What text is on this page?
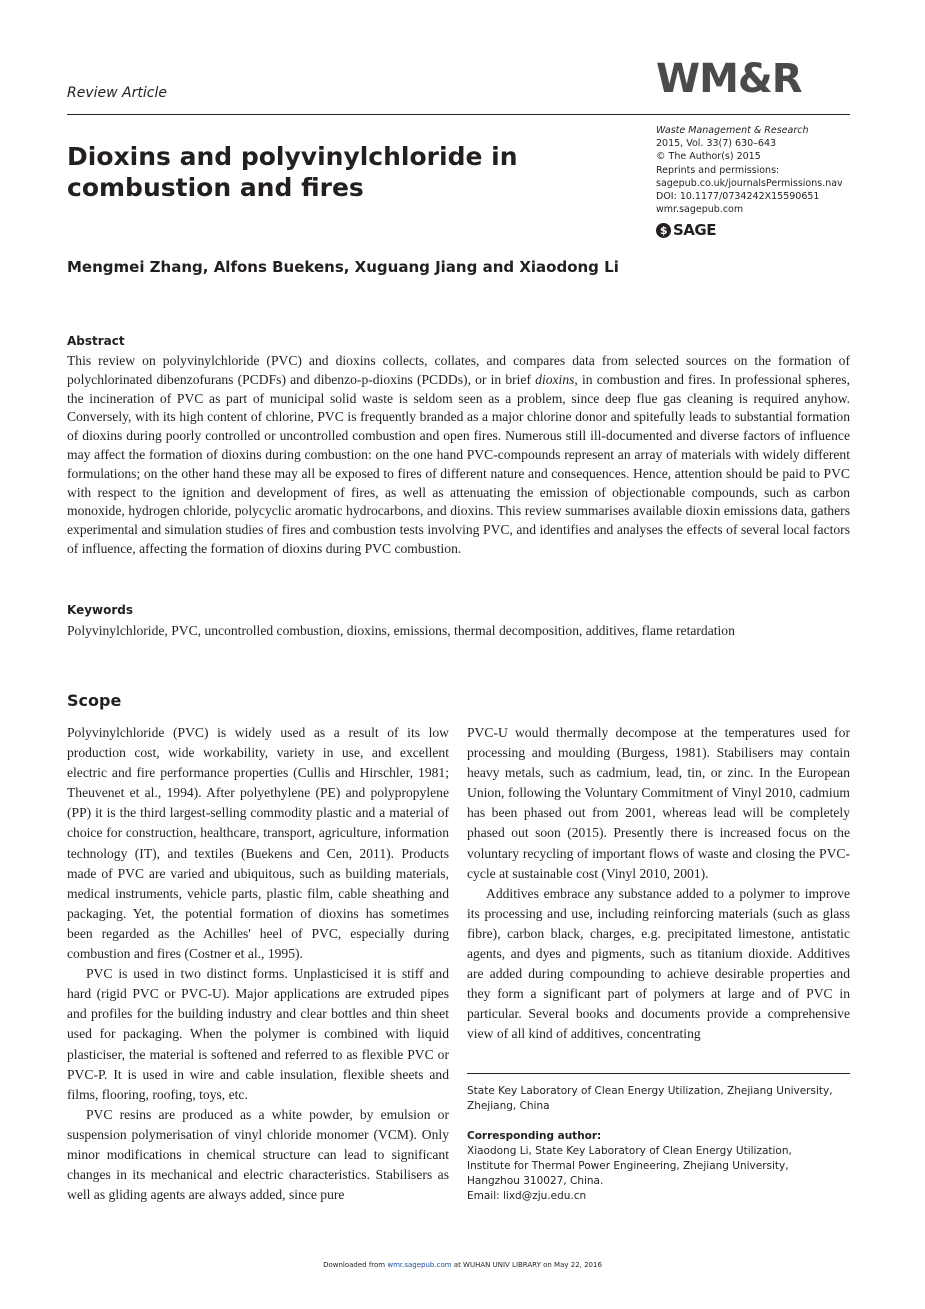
Review Article	WM&R
Dioxins and polyvinylchloride in combustion and fires
Waste Management & Research
2015, Vol. 33(7) 630–643
© The Author(s) 2015
Reprints and permissions:
sagepub.co.uk/journalsPermissions.nav
DOI: 10.1177/0734242X15590651
wmr.sagepub.com
$ SAGE
Mengmei Zhang, Alfons Buekens, Xuguang Jiang and Xiaodong Li
Abstract
This review on polyvinylchloride (PVC) and dioxins collects, collates, and compares data from selected sources on the formation of polychlorinated dibenzofurans (PCDFs) and dibenzo-p-dioxins (PCDDs), or in brief dioxins, in combustion and fires. In professional spheres, the incineration of PVC as part of municipal solid waste is seldom seen as a problem, since deep flue gas cleaning is required anyhow. Conversely, with its high content of chlorine, PVC is frequently branded as a major chlorine donor and spitefully leads to substantial formation of dioxins during poorly controlled or uncontrolled combustion and open fires. Numerous still ill-documented and diverse factors of influence may affect the formation of dioxins during combustion: on the one hand PVC-compounds represent an array of materials with widely different formulations; on the other hand these may all be exposed to fires of different nature and consequences. Hence, attention should be paid to PVC with respect to the ignition and development of fires, as well as attenuating the emission of objectionable compounds, such as carbon monoxide, hydrogen chloride, polycyclic aromatic hydrocarbons, and dioxins. This review summarises available dioxin emissions data, gathers experimental and simulation studies of fires and combustion tests involving PVC, and identifies and analyses the effects of several local factors of influence, affecting the formation of dioxins during PVC combustion.
Keywords
Polyvinylchloride, PVC, uncontrolled combustion, dioxins, emissions, thermal decomposition, additives, flame retardation
Scope

Polyvinylchloride (PVC) is widely used as a result of its low production cost, wide workability, variety in use, and excellent electric and fire performance properties (Cullis and Hirschler, 1981; Theuvenet et al., 1994). After polyethylene (PE) and polypropylene (PP) it is the third largest-selling commodity plastic and a material of choice for construction, healthcare, transport, agriculture, information technology (IT), and textiles (Buekens and Cen, 2011). Products made of PVC are varied and ubiquitous, such as building materials, medical instruments, vehicle parts, plastic film, cable sheathing and packaging. Yet, the potential formation of dioxins has sometimes been regarded as the Achilles' heel of PVC, especially during combustion and fires (Costner et al., 1995).

PVC is used in two distinct forms. Unplasticised it is stiff and hard (rigid PVC or PVC-U). Major applications are extruded pipes and profiles for the building industry and clear bottles and thin sheet used for packaging. When the polymer is combined with liquid plasticiser, the material is softened and referred to as flexible PVC or PVC-P. It is used in wire and cable insulation, flexible sheets and films, flooring, roofing, toys, etc.

PVC resins are produced as a white powder, by emulsion or suspension polymerisation of vinyl chloride monomer (VCM). Only minor modifications in chemical structure can lead to significant changes in its mechanical and electric characteristics. Stabilisers as well as gliding agents are always added, since pure

PVC-U would thermally decompose at the temperatures used for processing and moulding (Burgess, 1981). Stabilisers may contain heavy metals, such as cadmium, lead, tin, or zinc. In the European Union, following the Voluntary Commitment of Vinyl 2010, cadmium has been phased out from 2001, whereas lead will be completely phased out soon (2015). Presently there is increased focus on the voluntary recycling of important flows of waste and closing the PVC-cycle at sustainable cost (Vinyl 2010, 2001).

Additives embrace any substance added to a polymer to improve its processing and use, including reinforcing materials (such as glass fibre), carbon black, charges, e.g. precipitated limestone, antistatic agents, and dyes and pigments, such as titanium dioxide. Additives are added during compounding to achieve desirable properties and they form a significant part of polymers at large and of PVC in particular. Several books and documents provide a comprehensive view of all kind of additives, concentrating

State Key Laboratory of Clean Energy Utilization, Zhejiang University, Zhejiang, China
Corresponding author:
Xiaodong Li, State Key Laboratory of Clean Energy Utilization,
Institute for Thermal Power Engineering, Zhejiang University,
Hangzhou 310027, China.
Email: lixd@zju.edu.cn
Downloaded from wmr.sagepub.com at WUHAN UNIV LIBRARY on May 22, 2016
